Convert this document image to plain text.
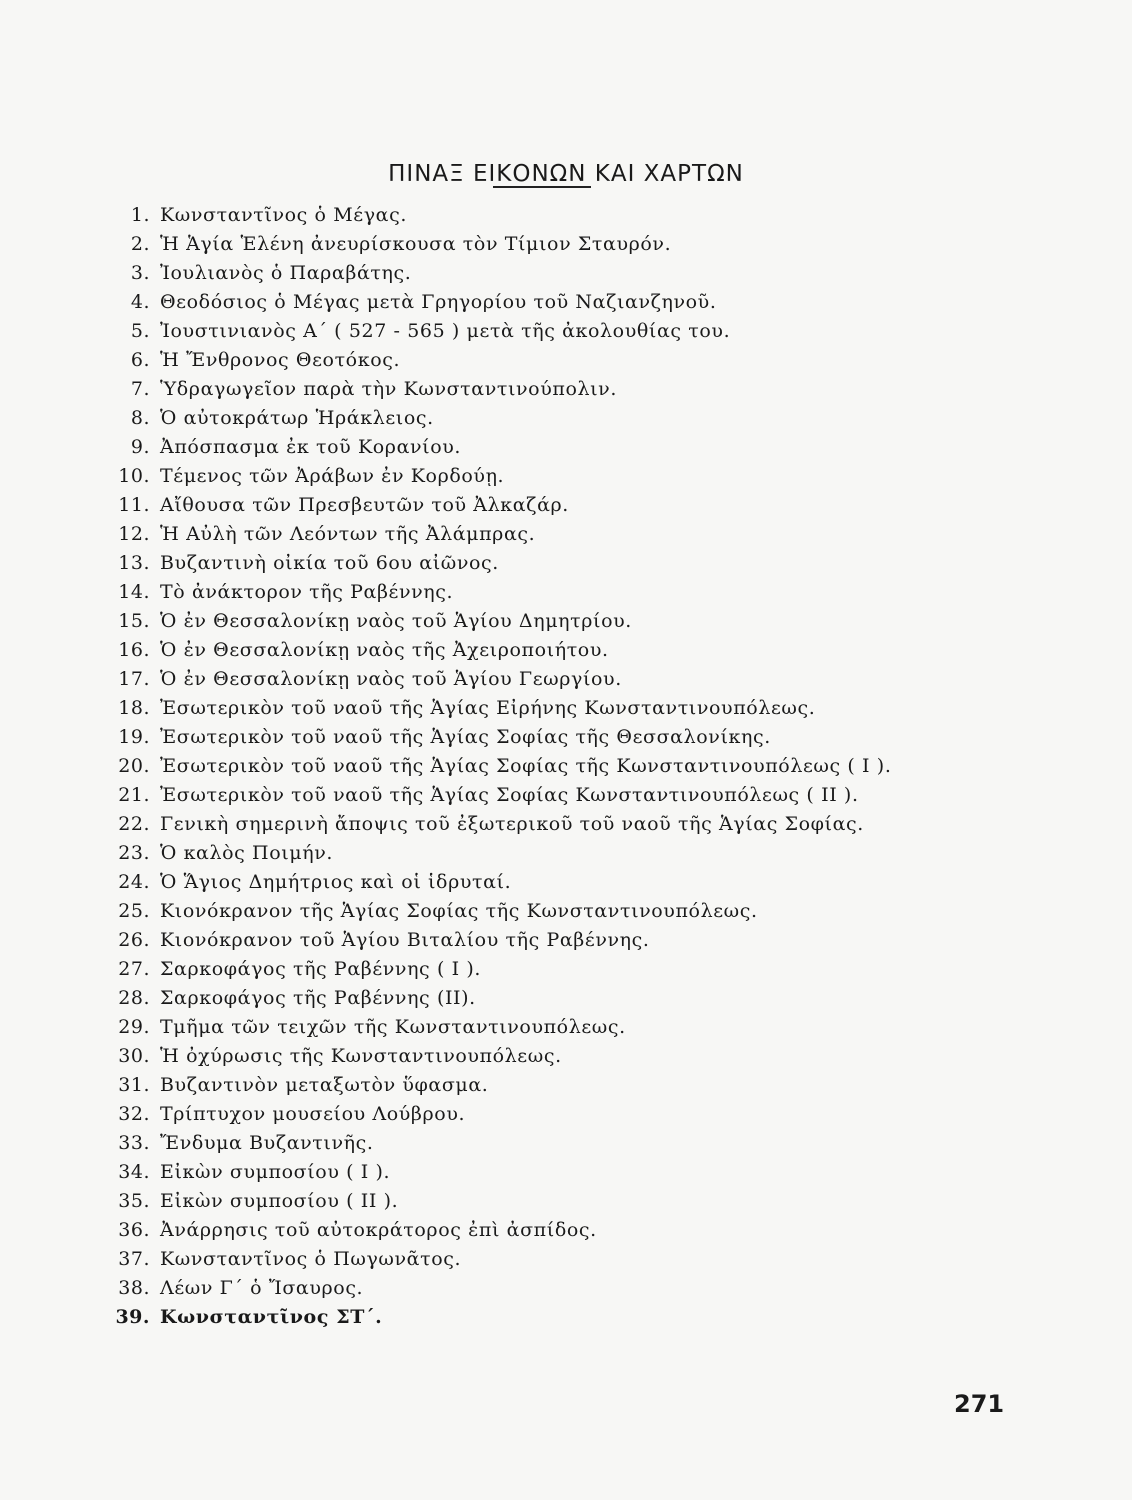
ΠΙΝΑΞ ΕΙΚΟΝΩΝ ΚΑΙ ΧΑΡΤΩΝ
1. Κωνσταντῖνος ὁ Μέγας.
2. Ἡ Ἁγία Ἑλένη ἀνευρίσκουσα τὸν Τίμιον Σταυρόν.
3. Ἰουλιανὸς ὁ Παραβάτης.
4. Θεοδόσιος ὁ Μέγας μετὰ Γρηγορίου τοῦ Ναζιανζηνοῦ.
5. Ἰουστινιανὸς Α΄ ( 527 - 565 ) μετὰ τῆς ἀκολουθίας του.
6. Ἡ Ἔνθρονος Θεοτόκος.
7. Ὑδραγωγεῖον παρὰ τὴν Κωνσταντινούπολιν.
8. Ὁ αὐτοκράτωρ Ἡράκλειος.
9. Ἀπόσπασμα ἐκ τοῦ Κορανίου.
10. Τέμενος τῶν Ἀράβων ἐν Κορδούῃ.
11. Αἴθουσα τῶν Πρεσβευτῶν τοῦ Ἀλκαζάρ.
12. Ἡ Αὐλὴ τῶν Λεόντων τῆς Ἀλάμπρας.
13. Βυζαντινὴ οἰκία τοῦ 6ου αἰῶνος.
14. Τὸ ἀνάκτορον τῆς Ραβέννης.
15. Ὁ ἐν Θεσσαλονίκῃ ναὸς τοῦ Ἁγίου Δημητρίου.
16. Ὁ ἐν Θεσσαλονίκῃ ναὸς τῆς Ἀχειροποιήτου.
17. Ὁ ἐν Θεσσαλονίκῃ ναὸς τοῦ Ἁγίου Γεωργίου.
18. Ἐσωτερικὸν τοῦ ναοῦ τῆς Ἁγίας Εἰρήνης Κωνσταντινουπόλεως.
19. Ἐσωτερικὸν τοῦ ναοῦ τῆς Ἁγίας Σοφίας τῆς Θεσσαλονίκης.
20. Ἐσωτερικὸν τοῦ ναοῦ τῆς Ἁγίας Σοφίας τῆς Κωνσταντινουπόλεως ( Ι ).
21. Ἐσωτερικὸν τοῦ ναοῦ τῆς Ἁγίας Σοφίας Κωνσταντινουπόλεως ( ΙΙ ).
22. Γενικὴ σημερινὴ ἄποψις τοῦ ἐξωτερικοῦ τοῦ ναοῦ τῆς Ἁγίας Σοφίας.
23. Ὁ καλὸς Ποιμήν.
24. Ὁ Ἅγιος Δημήτριος καὶ οἱ ἱδρυταί.
25. Κιονόκρανον τῆς Ἁγίας Σοφίας τῆς Κωνσταντινουπόλεως.
26. Κιονόκρανον τοῦ Ἁγίου Βιταλίου τῆς Ραβέννης.
27. Σαρκοφάγος τῆς Ραβέννης ( Ι ).
28. Σαρκοφάγος τῆς Ραβέννης (ΙΙ).
29. Τμῆμα τῶν τειχῶν τῆς Κωνσταντινουπόλεως.
30. Ἡ ὀχύρωσις τῆς Κωνσταντινουπόλεως.
31. Βυζαντινὸν μεταξωτὸν ὕφασμα.
32. Τρίπτυχον μουσείου Λούβρου.
33. Ἔνδυμα Βυζαντινῆς.
34. Εἰκὼν συμποσίου ( Ι ).
35. Εἰκὼν συμποσίου ( ΙΙ ).
36. Ἀνάρρησις τοῦ αὐτοκράτορος ἐπὶ ἀσπίδος.
37. Κωνσταντῖνος ὁ Πωγωνᾶτος.
38. Λέων Γ΄ ὁ Ἴσαυρος.
39. Κωνσταντῖνος ΣΤ΄.
271
